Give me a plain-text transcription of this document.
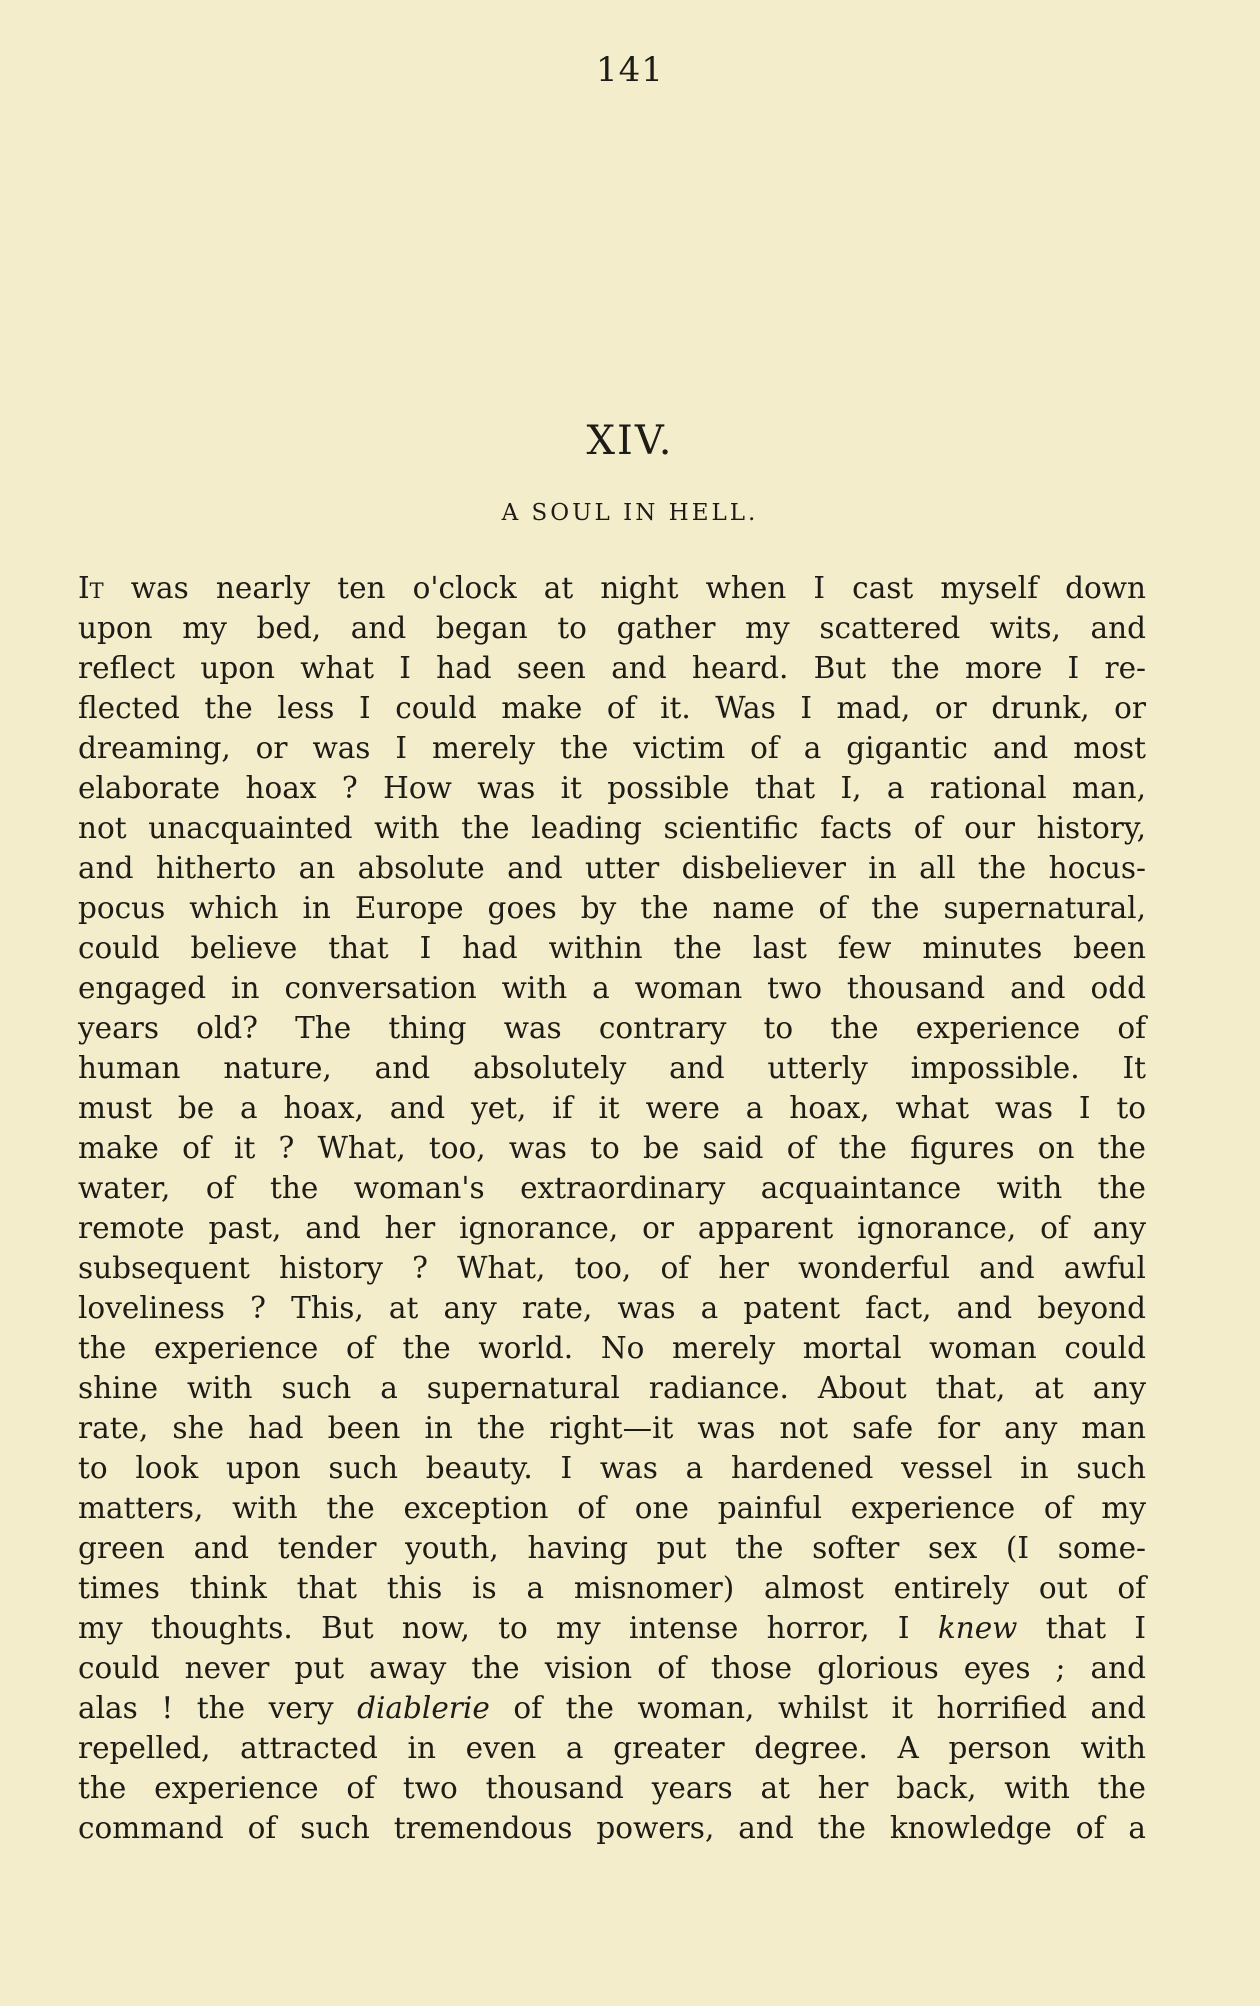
141
XIV.
A SOUL IN HELL.
It was nearly ten o'clock at night when I cast myself down
upon my bed, and began to gather my scattered wits, and
reflect upon what I had seen and heard. But the more I re-
flected the less I could make of it. Was I mad, or drunk, or
dreaming, or was I merely the victim of a gigantic and most
elaborate hoax ? How was it possible that I, a rational man,
not unacquainted with the leading scientific facts of our history,
and hitherto an absolute and utter disbeliever in all the hocus-
pocus which in Europe goes by the name of the supernatural,
could believe that I had within the last few minutes been
engaged in conversation with a woman two thousand and odd
years old? The thing was contrary to the experience of
human nature, and absolutely and utterly impossible. It
must be a hoax, and yet, if it were a hoax, what was I to
make of it ? What, too, was to be said of the figures on the
water, of the woman's extraordinary acquaintance with the
remote past, and her ignorance, or apparent ignorance, of any
subsequent history ? What, too, of her wonderful and awful
loveliness ? This, at any rate, was a patent fact, and beyond
the experience of the world. No merely mortal woman could
shine with such a supernatural radiance. About that, at any
rate, she had been in the right—it was not safe for any man
to look upon such beauty. I was a hardened vessel in such
matters, with the exception of one painful experience of my
green and tender youth, having put the softer sex (I some-
times think that this is a misnomer) almost entirely out of
my thoughts. But now, to my intense horror, I knew that I
could never put away the vision of those glorious eyes ; and
alas ! the very diablerie of the woman, whilst it horrified and
repelled, attracted in even a greater degree. A person with
the experience of two thousand years at her back, with the
command of such tremendous powers, and the knowledge of a
